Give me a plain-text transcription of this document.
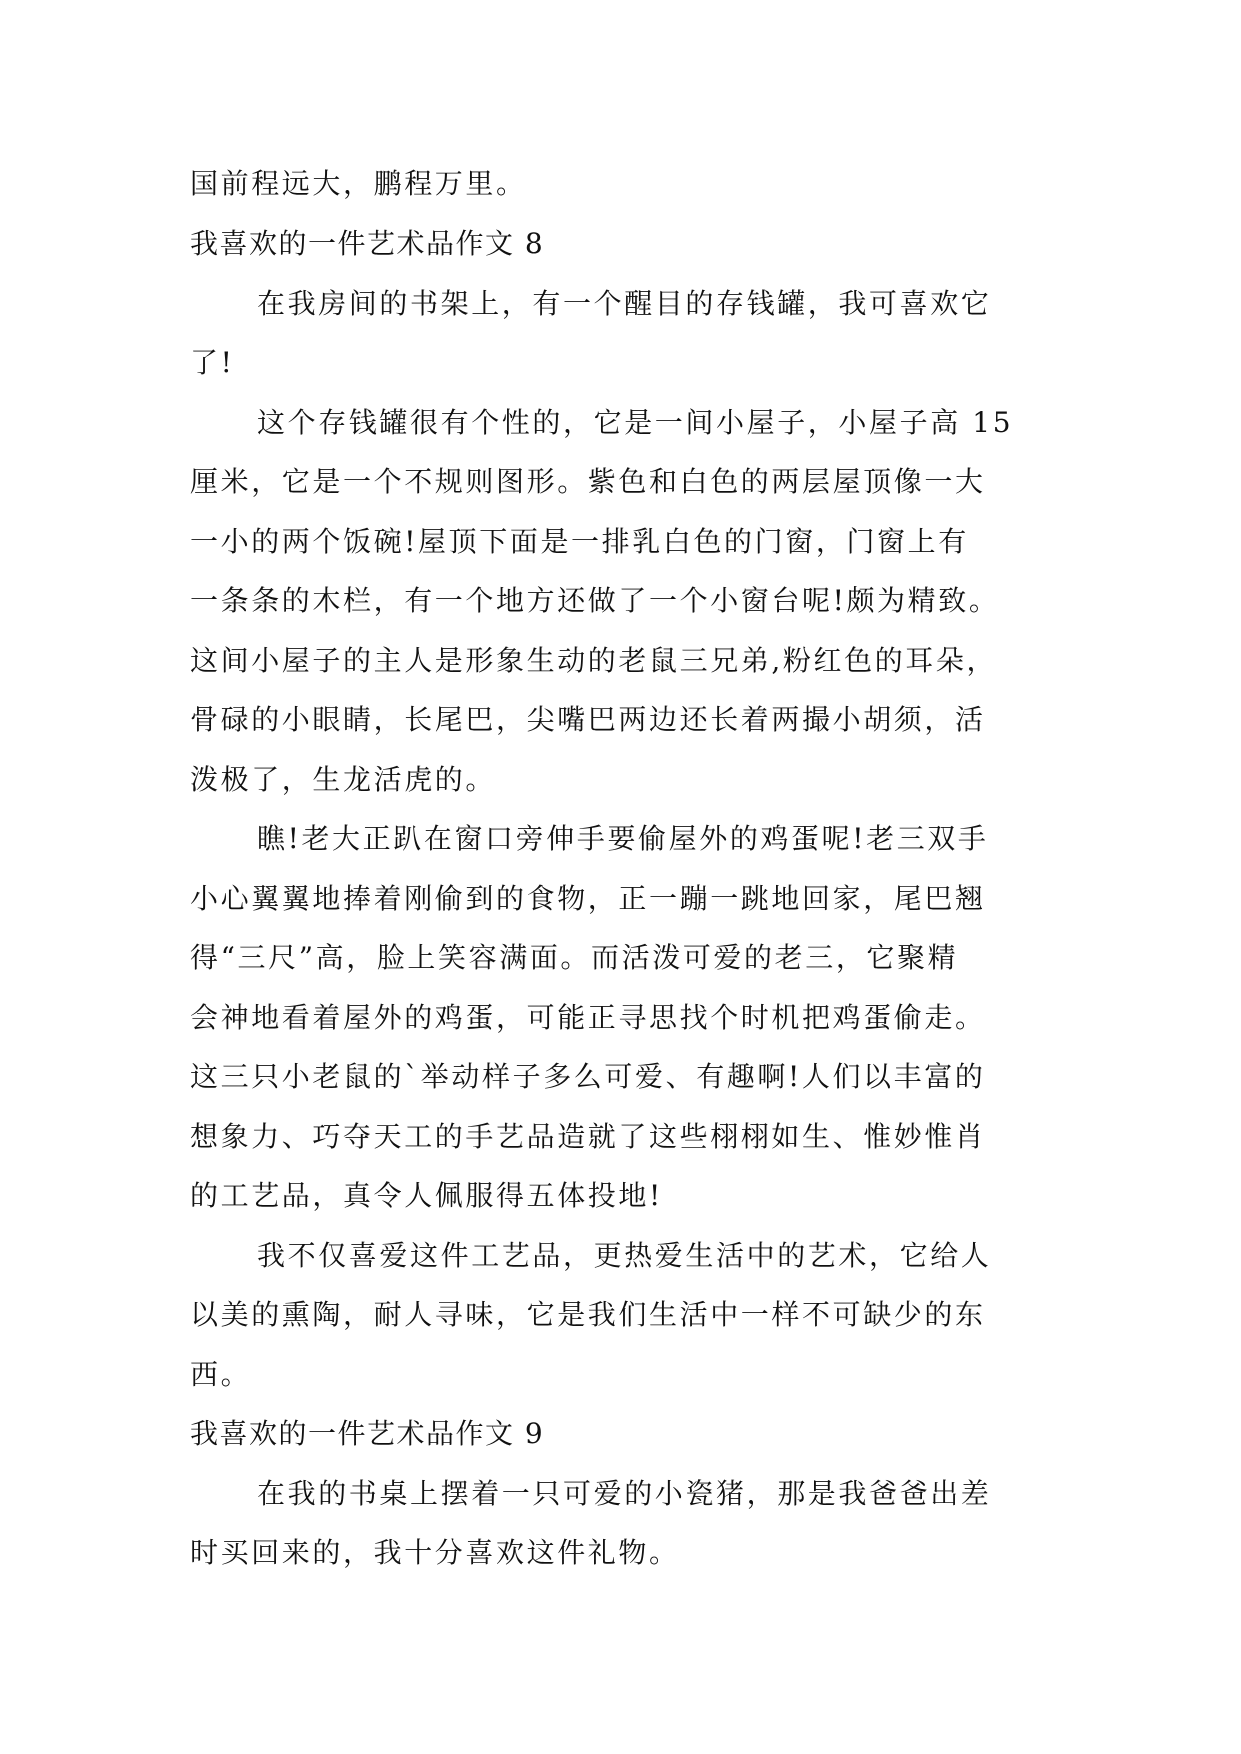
国前程远大，鹏程万里。
我喜欢的一件艺术品作文 8
在我房间的书架上，有一个醒目的存钱罐，我可喜欢它
了!
这个存钱罐很有个性的，它是一间小屋子，小屋子高 15
厘米，它是一个不规则图形。紫色和白色的两层屋顶像一大
一小的两个饭碗!屋顶下面是一排乳白色的门窗，门窗上有
一条条的木栏，有一个地方还做了一个小窗台呢!颇为精致。
这间小屋子的主人是形象生动的老鼠三兄弟,粉红色的耳朵，
骨碌的小眼睛，长尾巴，尖嘴巴两边还长着两撮小胡须，活
泼极了，生龙活虎的。
瞧!老大正趴在窗口旁伸手要偷屋外的鸡蛋呢!老三双手
小心翼翼地捧着刚偷到的食物，正一蹦一跳地回家，尾巴翘
得“三尺”高，脸上笑容满面。而活泼可爱的老三，它聚精
会神地看着屋外的鸡蛋，可能正寻思找个时机把鸡蛋偷走。
这三只小老鼠的`举动样子多么可爱、有趣啊!人们以丰富的
想象力、巧夺天工的手艺品造就了这些栩栩如生、惟妙惟肖
的工艺品，真令人佩服得五体投地!
我不仅喜爱这件工艺品，更热爱生活中的艺术，它给人
以美的熏陶，耐人寻味，它是我们生活中一样不可缺少的东
西。
我喜欢的一件艺术品作文 9
在我的书桌上摆着一只可爱的小瓷猪，那是我爸爸出差
时买回来的，我十分喜欢这件礼物。
